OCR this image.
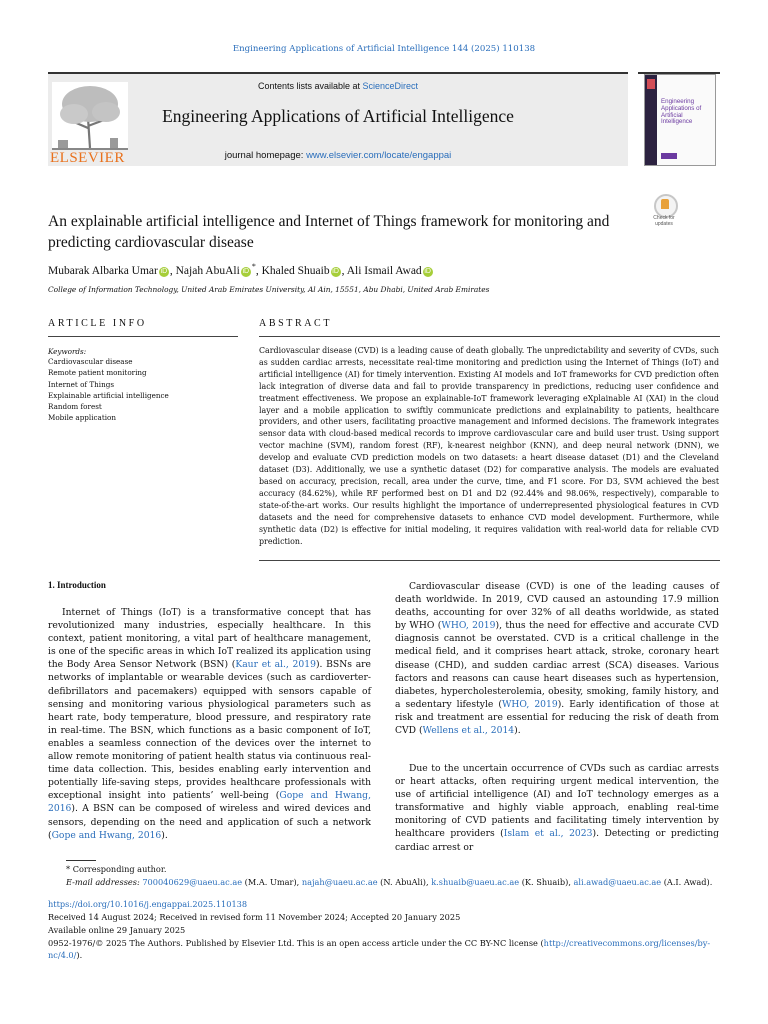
Engineering Applications of Artificial Intelligence 144 (2025) 110138
ELSEVIER
Contents lists available at ScienceDirect
Engineering Applications of Artificial Intelligence
journal homepage: www.elsevier.com/locate/engappai
Engineering Applications of
Artificial
Intelligence
An explainable artificial intelligence and Internet of Things framework for monitoring and predicting cardiovascular disease
Check for updates
Mubarak Albarka Umar iD , Najah AbuAli iD*, Khaled Shuaib iD , Ali Ismail Awad iD
College of Information Technology, United Arab Emirates University, Al Ain, 15551, Abu Dhabi, United Arab Emirates
ARTICLE INFO	ABSTRACT
Keywords:
Cardiovascular disease
Remote patient monitoring
Internet of Things
Explainable artificial intelligence
Random forest
Mobile application
Cardiovascular disease (CVD) is a leading cause of death globally. The unpredictability and severity of CVDs, such as sudden cardiac arrests, necessitate real-time monitoring and prediction using the Internet of Things (IoT) and artificial intelligence (AI) for timely intervention. Existing AI models and IoT frameworks for CVD prediction often lack integration of diverse data and fail to provide transparency in predictions, reducing user confidence and treatment effectiveness. We propose an explainable-IoT framework leveraging eXplainable AI (XAI) in the cloud layer and a mobile application to swiftly communicate predictions and explainability to patients, healthcare providers, and other users, facilitating proactive management and informed decisions. The framework integrates sensor data with cloud-based medical records to improve cardiovascular care and build user trust. Using support vector machine (SVM), random forest (RF), k-nearest neighbor (KNN), and deep neural network (DNN), we develop and evaluate CVD prediction models on two datasets: a heart disease dataset (D1) and the Cleveland dataset (D3). Additionally, we use a synthetic dataset (D2) for comparative analysis. The models are evaluated based on accuracy, precision, recall, area under the curve, time, and F1 score. For D3, SVM achieved the best accuracy (84.62%), while RF performed best on D1 and D2 (92.44% and 98.06%, respectively), comparable to state-of-the-art works. Our results highlight the importance of underrepresented physiological features in CVD datasets and the need for comprehensive datasets to enhance CVD model development. Furthermore, while synthetic data (D2) is effective for initial modeling, it requires validation with real-world data for reliable CVD prediction.
1. Introduction
Internet of Things (IoT) is a transformative concept that has revolutionized many industries, especially healthcare. In this context, patient monitoring, a vital part of healthcare management, is one of the specific areas in which IoT realized its application using the Body Area Sensor Network (BSN) (Kaur et al., 2019). BSNs are networks of implantable or wearable devices (such as cardioverter-defibrillators and pacemakers) equipped with sensors capable of sensing and monitoring various physiological parameters such as heart rate, body temperature, blood pressure, and respiratory rate in real-time. The BSN, which functions as a basic component of IoT, enables a seamless connection of the devices over the internet to allow remote monitoring of patient health status via continuous real-time data collection. This, besides enabling early intervention and potentially life-saving steps, provides healthcare professionals with exceptional insight into patients’ well-being (Gope and Hwang, 2016). A BSN can be composed of wireless and wired devices and sensors, depending on the need and application of such a network (Gope and Hwang, 2016).
Cardiovascular disease (CVD) is one of the leading causes of death worldwide. In 2019, CVD caused an astounding 17.9 million deaths, accounting for over 32% of all deaths worldwide, as stated by WHO (WHO, 2019), thus the need for effective and accurate CVD diagnosis cannot be overstated. CVD is a critical challenge in the medical field, and it comprises heart attack, stroke, coronary heart disease (CHD), and sudden cardiac arrest (SCA) diseases. Various factors and reasons can cause heart diseases such as hypertension, diabetes, hypercholesterolemia, obesity, smoking, family history, and a sedentary lifestyle (WHO, 2019). Early identification of those at risk and treatment are essential for reducing the risk of death from CVD (Wellens et al., 2014).
Due to the uncertain occurrence of CVDs such as cardiac arrests or heart attacks, often requiring urgent medical intervention, the use of artificial intelligence (AI) and IoT technology emerges as a transformative and highly viable approach, enabling real-time monitoring of CVD patients and facilitating timely intervention by healthcare providers (Islam et al., 2023). Detecting or predicting cardiac arrest or
* Corresponding author.
E-mail addresses: 700040629@uaeu.ac.ae (M.A. Umar), najah@uaeu.ac.ae (N. AbuAli), k.shuaib@uaeu.ac.ae (K. Shuaib), ali.awad@uaeu.ac.ae (A.I. Awad).
https://doi.org/10.1016/j.engappai.2025.110138
Received 14 August 2024; Received in revised form 11 November 2024; Accepted 20 January 2025
Available online 29 January 2025
0952-1976/© 2025 The Authors. Published by Elsevier Ltd. This is an open access article under the CC BY-NC license (http://creativecommons.org/licenses/by-nc/4.0/).
